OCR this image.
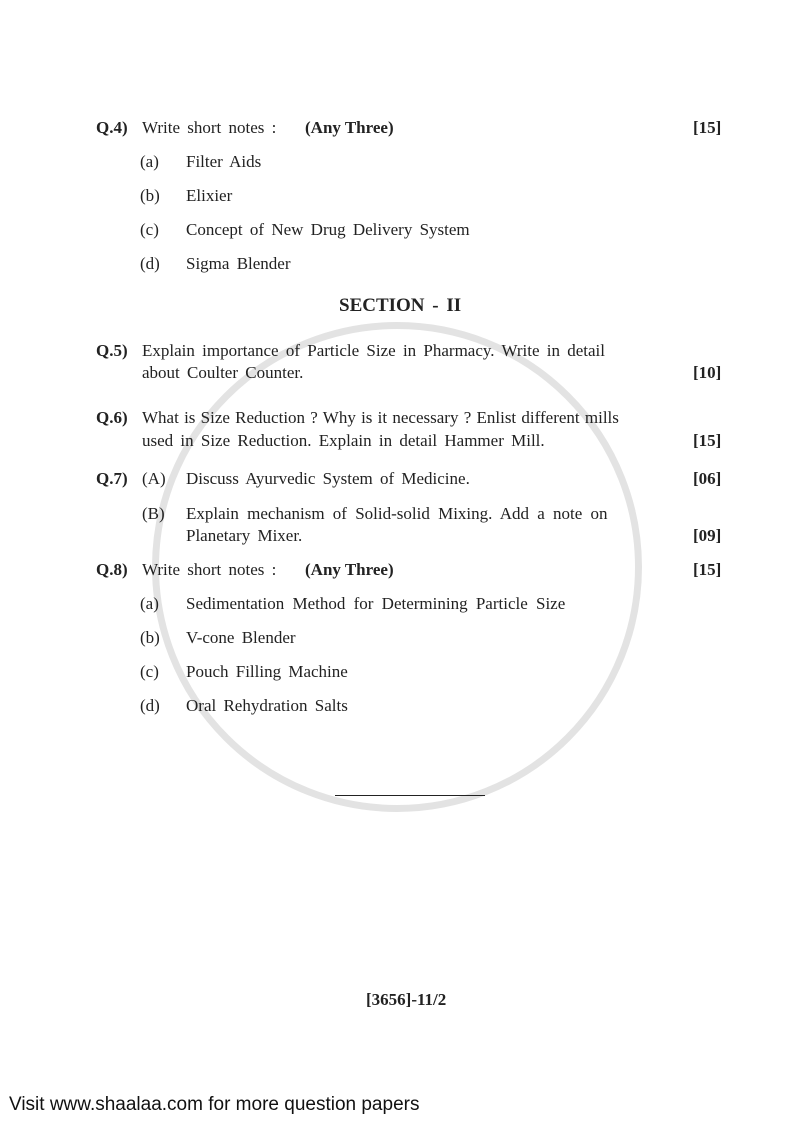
Q.4) Write short notes : (Any Three)	[15]
(a) Filter Aids
(b) Elixier
(c) Concept of New Drug Delivery System
(d) Sigma Blender
SECTION - II
Q.5) Explain importance of Particle Size in Pharmacy. Write in detail
about Coulter Counter.	[10]
Q.6) What is Size Reduction ? Why is it necessary ? Enlist different mills
used in Size Reduction. Explain in detail Hammer Mill.	[15]
Q.7) (A) Discuss Ayurvedic System of Medicine.	[06]
(B) Explain mechanism of Solid-solid Mixing. Add a note on
Planetary Mixer.	[09]
Q.8) Write short notes : (Any Three)	[15]
(a) Sedimentation Method for Determining Particle Size
(b) V-cone Blender
(c) Pouch Filling Machine
(d) Oral Rehydration Salts
[3656]-11/2
Visit www.shaalaa.com for more question papers
